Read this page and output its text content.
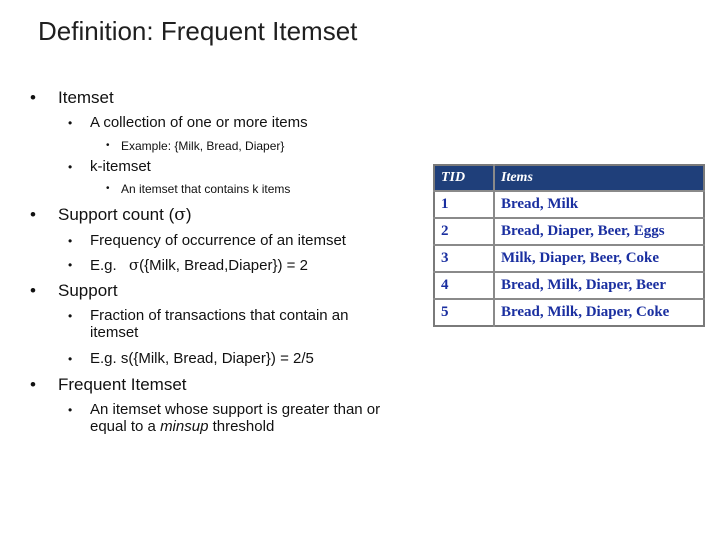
Definition: Frequent Itemset
• Itemset
• A collection of one or more items
• Example: {Milk, Bread, Diaper}
• k-itemset
• An itemset that contains k items
• Support count (σ)
• Frequency of occurrence of an itemset
• E.g. σ({Milk, Bread,Diaper}) = 2
• Support
• Fraction of transactions that contain an itemset
• E.g. s({Milk, Bread, Diaper}) = 2/5
• Frequent Itemset
• An itemset whose support is greater than or equal to a minsup threshold
TID	Items
1	Bread, Milk
2	Bread, Diaper, Beer, Eggs
3	Milk, Diaper, Beer, Coke
4	Bread, Milk, Diaper, Beer
5	Bread, Milk, Diaper, Coke
